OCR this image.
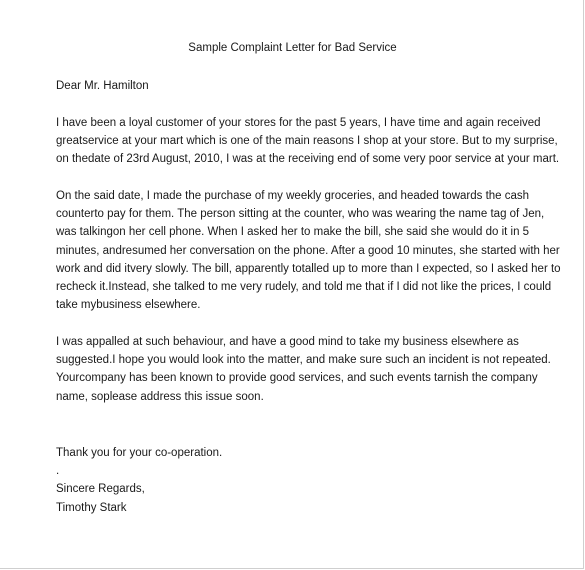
Sample Complaint Letter for Bad Service
Dear Mr. Hamilton
I have been a loyal customer of your stores for the past 5 years, I have time and again received
greatservice at your mart which is one of the main reasons I shop at your store. But to my surprise,
on thedate of 23rd August, 2010, I was at the receiving end of some very poor service at your mart.
On the said date, I made the purchase of my weekly groceries, and headed towards the cash
counterto pay for them. The person sitting at the counter, who was wearing the name tag of Jen,
was talkingon her cell phone. When I asked her to make the bill, she said she would do it in 5
minutes, andresumed her conversation on the phone. After a good 10 minutes, she started with her
work and did itvery slowly. The bill, apparently totalled up to more than I expected, so I asked her to
recheck it.Instead, she talked to me very rudely, and told me that if I did not like the prices, I could
take mybusiness elsewhere.
I was appalled at such behaviour, and have a good mind to take my business elsewhere as
suggested.I hope you would look into the matter, and make sure such an incident is not repeated.
Yourcompany has been known to provide good services, and such events tarnish the company
name, soplease address this issue soon.
Thank you for your co-operation.
.
Sincere Regards,
Timothy Stark
